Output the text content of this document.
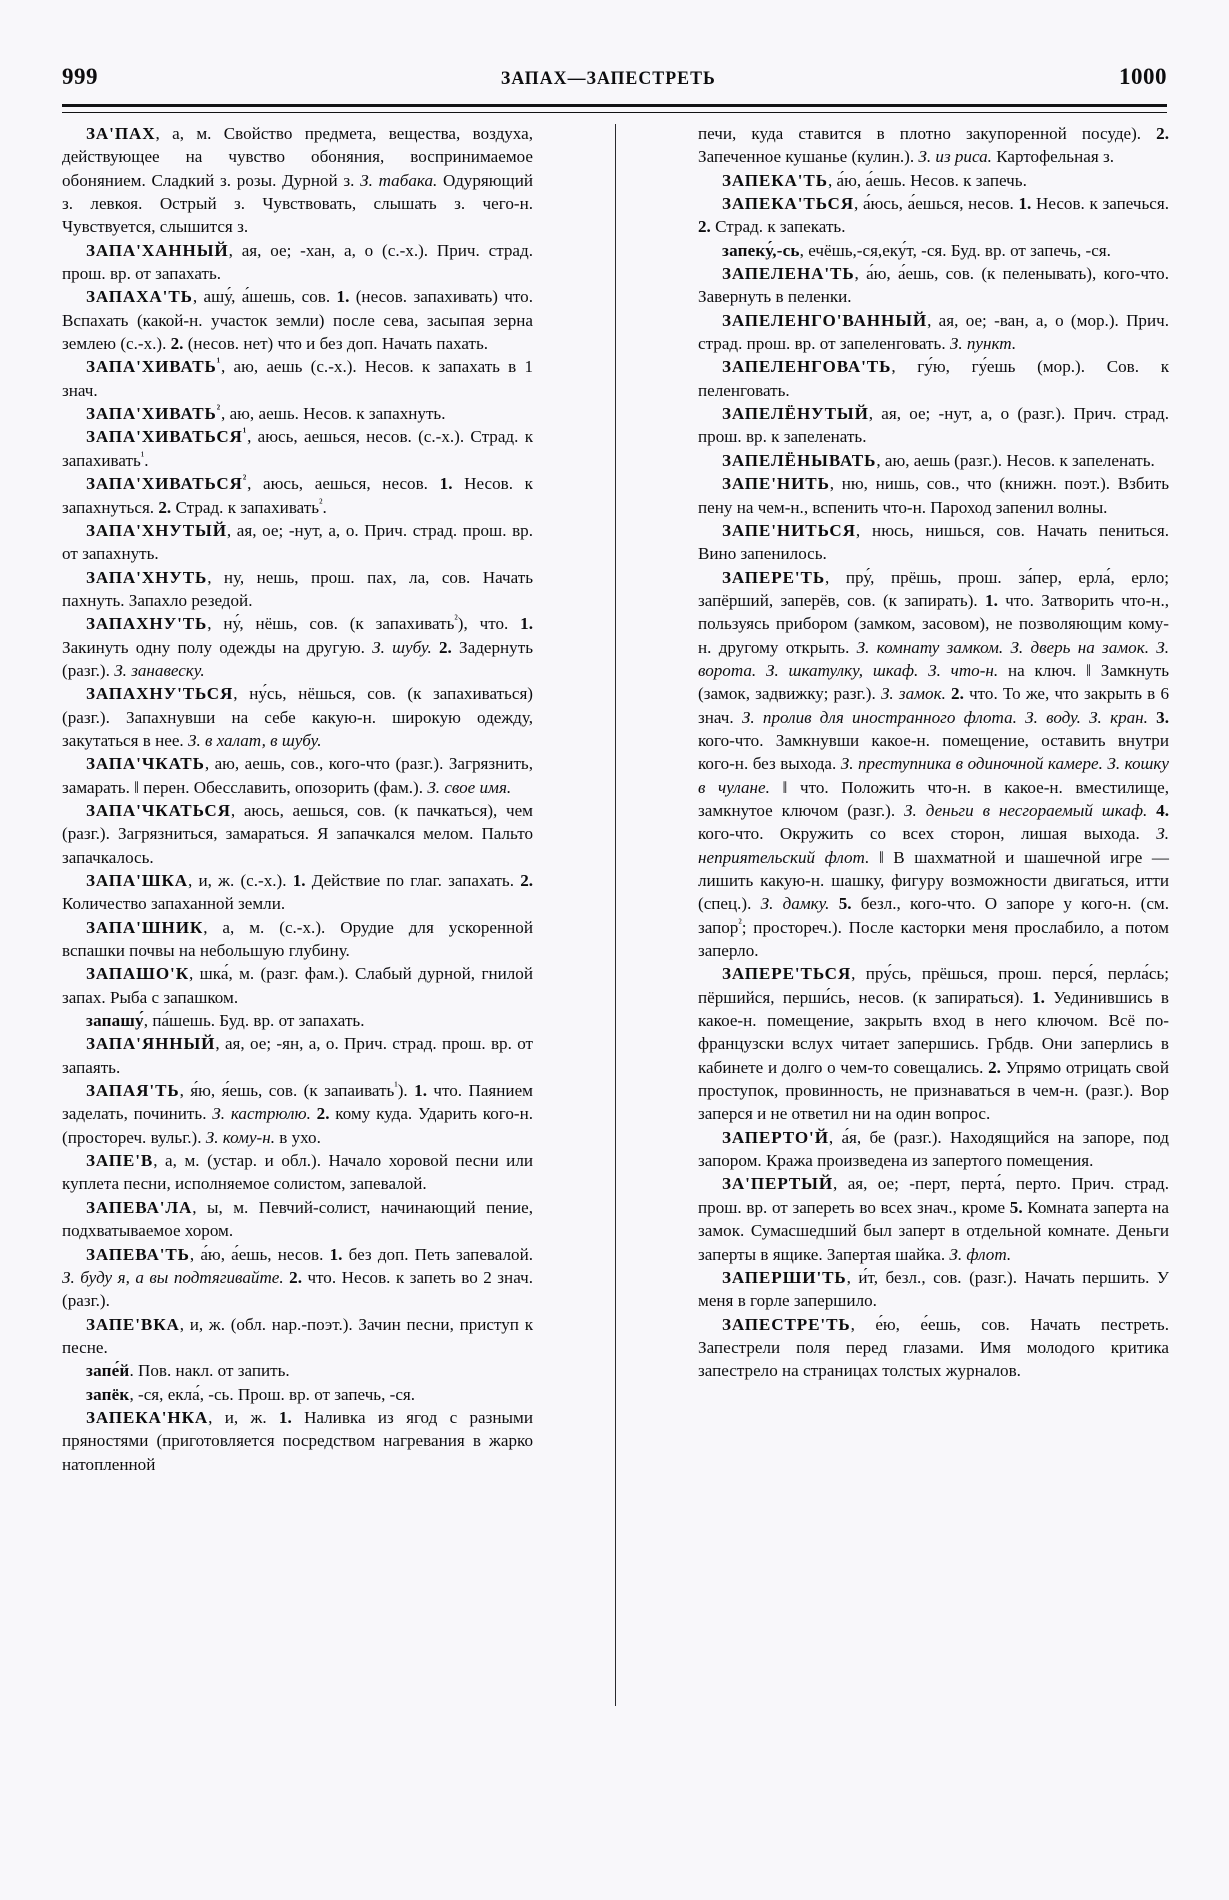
999	ЗАПАХ—ЗАПЕСТРЕТЬ	1000

ЗА'ПАХ, а, м. Свойство предмета, вещества, воздуха, действующее на чувство обоняния, воспринимаемое обонянием. Сладкий з. розы. Дурной з. З. табака. Одуряющий з. левкоя. Острый з. Чувствовать, слышать з. чего-н. Чувствуется, слышится з.

ЗАПА'ХАННЫЙ, ая, ое; -хан, а, о (с.-х.). Прич. страд. прош. вр. от запахать.

ЗАПАХА'ТЬ, ашу́, а́шешь, сов. 1. (несов. запахивать) что. Вспахать (какой-н. участок земли) после сева, засыпая зерна землею (с.-х.). 2. (несов. нет) что и без доп. Начать пахать.

$ЗАПА'ХИВАТЬ^{^1}$, аю, аешь (с.-х.). Несов. к запахать в 1 знач.

$ЗАПА'ХИВАТЬ^{^2}$, аю, аешь. Несов. к запахнуть.

$ЗАПА'ХИВАТЬСЯ^{^1}$, аюсь, аешься, несов. (с.-х.). Страд. к запахивать$^{^1}$.

$ЗАПА'ХИВАТЬСЯ^{^2}$, аюсь, аешься, несов. 1. Несов. к запахнуться. 2. Страд. к запахивать$^{^2}$.

ЗАПА'ХНУТЫЙ, ая, ое; -нут, а, о. Прич. страд. прош. вр. от запахнуть.

ЗАПА'ХНУТЬ, ну, нешь, прош. пах, ла, сов. Начать пахнуть. Запахло резедой.

ЗАПАХНУ'ТЬ, ну́, нёшь, сов. (к запахивать$^{^2}$), что. 1. Закинуть одну полу одежды на другую. З. шубу. 2. Задернуть (разг.). З. занавеску.

ЗАПАХНУ'ТЬСЯ, ну́сь, нёшься, сов. (к запахиваться) (разг.). Запахнувши на себе какую-н. широкую одежду, закутаться в нее. З. в халат, в шубу.

ЗАПА'ЧКАТЬ, аю, аешь, сов., кого-что (разг.). Загрязнить, замарать. ‖ перен. Обесславить, опозорить (фам.). З. свое имя.

ЗАПА'ЧКАТЬСЯ, аюсь, аешься, сов. (к пачкаться), чем (разг.). Загрязниться, замараться. Я запачкался мелом. Пальто запачкалось.

ЗАПА'ШКА, и, ж. (с.-х.). 1. Действие по глаг. запахать. 2. Количество запаханной земли.

ЗАПА'ШНИК, а, м. (с.-х.). Орудие для ускоренной вспашки почвы на небольшую глубину.

ЗАПАШО'К, шка́, м. (разг. фам.). Слабый дурной, гнилой запах. Рыба с запашком.

запашу́, па́шешь. Буд. вр. от запахать.

ЗАПА'ЯННЫЙ, ая, ое; -ян, а, о. Прич. страд. прош. вр. от запаять.

ЗАПАЯ'ТЬ, я́ю, я́ешь, сов. (к запаивать$^{^1}$). 1. что. Паянием заделать, починить. З. кастрюлю. 2. кому куда. Ударить кого-н. (простореч. вульг.). З. кому-н. в ухо.

ЗАПЕ'В, а, м. (устар. и обл.). Начало хоровой песни или куплета песни, исполняемое солистом, запевалой.

ЗАПЕВА'ЛА, ы, м. Певчий-солист, начинающий пение, подхватываемое хором.

ЗАПЕВА'ТЬ, а́ю, а́ешь, несов. 1. без доп. Петь запевалой. З. буду я, а вы подтягивайте. 2. что. Несов. к запеть во 2 знач. (разг.).

ЗАПЕ'ВКА, и, ж. (обл. нар.-поэт.). Зачин песни, приступ к песне.

запе́й. Пов. накл. от запить.

запёк, -ся, екла́, -сь. Прош. вр. от запечь, -ся.

ЗАПЕКА'НКА, и, ж. 1. Наливка из ягод с разными пряностями (приготовляется посредством нагревания в жарко натопленной

печи, куда ставится в плотно закупоренной посуде). 2. Запеченное кушанье (кулин.). З. из риса. Картофельная з.

ЗАПЕКА'ТЬ, а́ю, а́ешь. Несов. к запечь.

ЗАПЕКА'ТЬСЯ, а́юсь, а́ешься, несов. 1. Несов. к запечься. 2. Страд. к запекать.

запеку́,-сь, ечёшь,-ся,еку́т, -ся. Буд. вр. от запечь, -ся.

ЗАПЕЛЕНА'ТЬ, а́ю, а́ешь, сов. (к пеленывать), кого-что. Завернуть в пеленки.

ЗАПЕЛЕНГО'ВАННЫЙ, ая, ое; -ван, а, о (мор.). Прич. страд. прош. вр. от запеленговать. З. пункт.

ЗАПЕЛЕНГОВА'ТЬ, гу́ю, гу́ешь (мор.). Сов. к пеленговать.

ЗАПЕЛЁНУТЫЙ, ая, ое; -нут, а, о (разг.). Прич. страд. прош. вр. к запеленать.

ЗАПЕЛЁНЫВАТЬ, аю, аешь (разг.). Несов. к запеленать.

ЗАПЕ'НИТЬ, ню, нишь, сов., что (книжн. поэт.). Взбить пену на чем-н., вспенить что-н. Пароход запенил волны.

ЗАПЕ'НИТЬСЯ, нюсь, нишься, сов. Начать пениться. Вино запенилось.

ЗАПЕРЕ'ТЬ, пру́, прёшь, прош. за́пер, ерла́, ерло; запёрший, заперёв, сов. (к запирать). 1. что. Затворить что-н., пользуясь прибором (замком, засовом), не позволяющим кому-н. другому открыть. З. комнату замком. З. дверь на замок. З. ворота. З. шкатулку, шкаф. З. что-н. на ключ. ‖ Замкнуть (замок, задвижку; разг.). З. замок. 2. что. То же, что закрыть в 6 знач. З. пролив для иностранного флота. З. воду. З. кран. 3. кого-что. Замкнувши какое-н. помещение, оставить внутри кого-н. без выхода. З. преступника в одиночной камере. З. кошку в чулане. ‖ что. Положить что-н. в какое-н. вместилище, замкнутое ключом (разг.). З. деньги в несгораемый шкаф. 4. кого-что. Окружить со всех сторон, лишая выхода. З. неприятельский флот. ‖ В шахматной и шашечной игре — лишить какую-н. шашку, фигуру возможности двигаться, итти (спец.). З. дамку. 5. безл., кого-что. О запоре у кого-н. (см. запор$^{^2}$; простореч.). После касторки меня прослабило, а потом заперло.

ЗАПЕРЕ'ТЬСЯ, пру́сь, прёшься, прош. перся́, перла́сь; пёршийся, перши́сь, несов. (к запираться). 1. Уединившись в какое-н. помещение, закрыть вход в него ключом. Всё по-французски вслух читает запершись. Грбдв. Они заперлись в кабинете и долго о чем-то совещались. 2. Упрямо отрицать свой проступок, провинность, не признаваться в чем-н. (разг.). Вор заперся и не ответил ни на один вопрос.

ЗАПЕРТО'Й, а́я, бе (разг.). Находящийся на запоре, под запором. Кража произведена из запертого помещения.

ЗА'ПЕРТЫЙ, ая, ое; -перт, перта́, перто. Прич. страд. прош. вр. от запереть во всех знач., кроме 5. Комната заперта на замок. Сумасшедший был заперт в отдельной комнате. Деньги заперты в ящике. Запертая шайка. З. флот.

ЗАПЕРШИ'ТЬ, и́т, безл., сов. (разг.). Начать першить. У меня в горле запершило.

ЗАПЕСТРЕ'ТЬ, е́ю, е́ешь, сов. Начать пестреть. Запестрели поля перед глазами. Имя молодого критика запестрело на страницах толстых журналов.
